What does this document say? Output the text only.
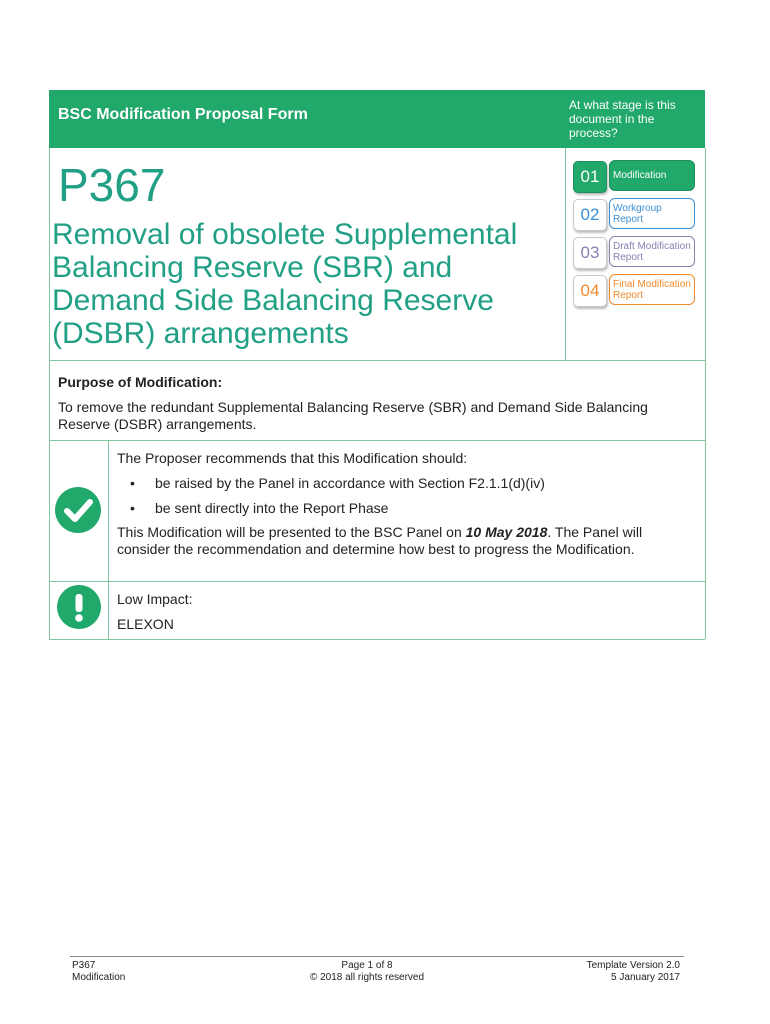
BSC Modification Proposal Form
At what stage is this document in the process?
P367
Removal of obsolete Supplemental Balancing Reserve (SBR) and Demand Side Balancing Reserve (DSBR) arrangements
01	Modification
02	Workgroup Report
03	Draft Modification Report
04	Final Modification Report
Purpose of Modification:
To remove the redundant Supplemental Balancing Reserve (SBR) and Demand Side Balancing Reserve (DSBR) arrangements.
The Proposer recommends that this Modification should:
• be raised by the Panel in accordance with Section F2.1.1(d)(iv)
• be sent directly into the Report Phase
This Modification will be presented to the BSC Panel on 10 May 2018. The Panel will consider the recommendation and determine how best to progress the Modification.
Low Impact:
ELEXON
P367
Modification
Page 1 of 8
© 2018 all rights reserved
Template Version 2.0
5 January 2017
